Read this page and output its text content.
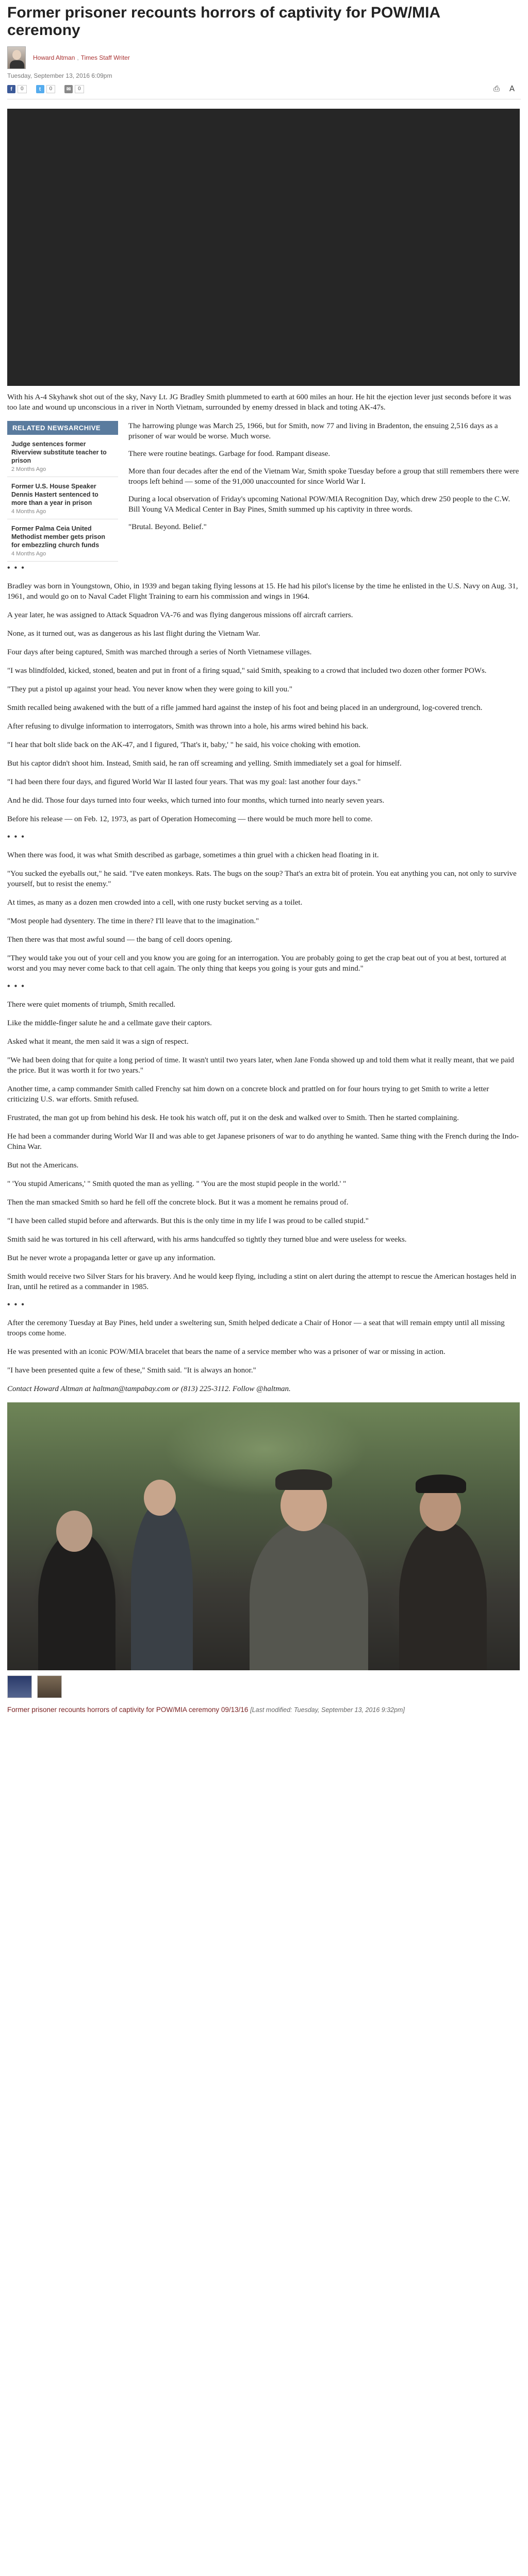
Former prisoner recounts horrors of captivity for POW/MIA ceremony
Howard Altman , Times Staff Writer
Tuesday, September 13, 2016 6:09pm
f	0	t	0	✉	0	⎙ A

With his A-4 Skyhawk shot out of the sky, Navy Lt. JG Bradley Smith plummeted to earth at 600 miles an hour. He hit the ejection lever just seconds before it was too late and wound up unconscious in a river in North Vietnam, surrounded by enemy dressed in black and toting AK-47s.

RELATED NEWSARCHIVE
Judge sentences former Riverview substitute teacher to prison
2 Months Ago
Former U.S. House Speaker Dennis Hastert sentenced to more than a year in prison
4 Months Ago
Former Palma Ceia United Methodist member gets prison for embezzling church funds
4 Months Ago

The harrowing plunge was March 25, 1966, but for Smith, now 77 and living in Bradenton, the ensuing 2,516 days as a prisoner of war would be worse. Much worse.

There were routine beatings. Garbage for food. Rampant disease.

More than four decades after the end of the Vietnam War, Smith spoke Tuesday before a group that still remembers there were troops left behind — some of the 91,000 unaccounted for since World War I.

During a local observation of Friday's upcoming National POW/MIA Recognition Day, which drew 250 people to the C.W. Bill Young VA Medical Center in Bay Pines, Smith summed up his captivity in three words.

"Brutal. Beyond. Belief."

• • •

Bradley was born in Youngstown, Ohio, in 1939 and began taking flying lessons at 15. He had his pilot's license by the time he enlisted in the U.S. Navy on Aug. 31, 1961, and would go on to Naval Cadet Flight Training to earn his commission and wings in 1964.

A year later, he was assigned to Attack Squadron VA-76 and was flying dangerous missions off aircraft carriers.

None, as it turned out, was as dangerous as his last flight during the Vietnam War.

Four days after being captured, Smith was marched through a series of North Vietnamese villages.

"I was blindfolded, kicked, stoned, beaten and put in front of a firing squad," said Smith, speaking to a crowd that included two dozen other former POWs.

"They put a pistol up against your head. You never know when they were going to kill you."

Smith recalled being awakened with the butt of a rifle jammed hard against the instep of his foot and being placed in an underground, log-covered trench.

After refusing to divulge information to interrogators, Smith was thrown into a hole, his arms wired behind his back.

"I hear that bolt slide back on the AK-47, and I figured, 'That's it, baby,' " he said, his voice choking with emotion.

But his captor didn't shoot him. Instead, Smith said, he ran off screaming and yelling. Smith immediately set a goal for himself.

"I had been there four days, and figured World War II lasted four years. That was my goal: last another four days."

And he did. Those four days turned into four weeks, which turned into four months, which turned into nearly seven years.

Before his release — on Feb. 12, 1973, as part of Operation Homecoming — there would be much more hell to come.

• • •

When there was food, it was what Smith described as garbage, sometimes a thin gruel with a chicken head floating in it.

"You sucked the eyeballs out," he said. "I've eaten monkeys. Rats. The bugs on the soup? That's an extra bit of protein. You eat anything you can, not only to survive yourself, but to resist the enemy."

At times, as many as a dozen men crowded into a cell, with one rusty bucket serving as a toilet.

"Most people had dysentery. The time in there? I'll leave that to the imagination."

Then there was that most awful sound — the bang of cell doors opening.

"They would take you out of your cell and you know you are going for an interrogation. You are probably going to get the crap beat out of you at best, tortured at worst and you may never come back to that cell again. The only thing that keeps you going is your guts and mind."

• • •

There were quiet moments of triumph, Smith recalled.

Like the middle-finger salute he and a cellmate gave their captors.

Asked what it meant, the men said it was a sign of respect.

"We had been doing that for quite a long period of time. It wasn't until two years later, when Jane Fonda showed up and told them what it really meant, that we paid the price. But it was worth it for two years."

Another time, a camp commander Smith called Frenchy sat him down on a concrete block and prattled on for four hours trying to get Smith to write a letter criticizing U.S. war efforts. Smith refused.

Frustrated, the man got up from behind his desk. He took his watch off, put it on the desk and walked over to Smith. Then he started complaining.

He had been a commander during World War II and was able to get Japanese prisoners of war to do anything he wanted. Same thing with the French during the Indo-China War.

But not the Americans.

" 'You stupid Americans,' " Smith quoted the man as yelling. " 'You are the most stupid people in the world.' "

Then the man smacked Smith so hard he fell off the concrete block. But it was a moment he remains proud of.

"I have been called stupid before and afterwards. But this is the only time in my life I was proud to be called stupid."

Smith said he was tortured in his cell afterward, with his arms handcuffed so tightly they turned blue and were useless for weeks.

But he never wrote a propaganda letter or gave up any information.

Smith would receive two Silver Stars for his bravery. And he would keep flying, including a stint on alert during the attempt to rescue the American hostages held in Iran, until he retired as a commander in 1985.

• • •

After the ceremony Tuesday at Bay Pines, held under a sweltering sun, Smith helped dedicate a Chair of Honor — a seat that will remain empty until all missing troops come home.

He was presented with an iconic POW/MIA bracelet that bears the name of a service member who was a prisoner of war or missing in action.

"I have been presented quite a few of these," Smith said. "It is always an honor."

Contact Howard Altman at haltman@tampabay.com or (813) 225-3112. Follow @haltman.

Former prisoner recounts horrors of captivity for POW/MIA ceremony 09/13/16 [Last modified: Tuesday, September 13, 2016 9:32pm]
